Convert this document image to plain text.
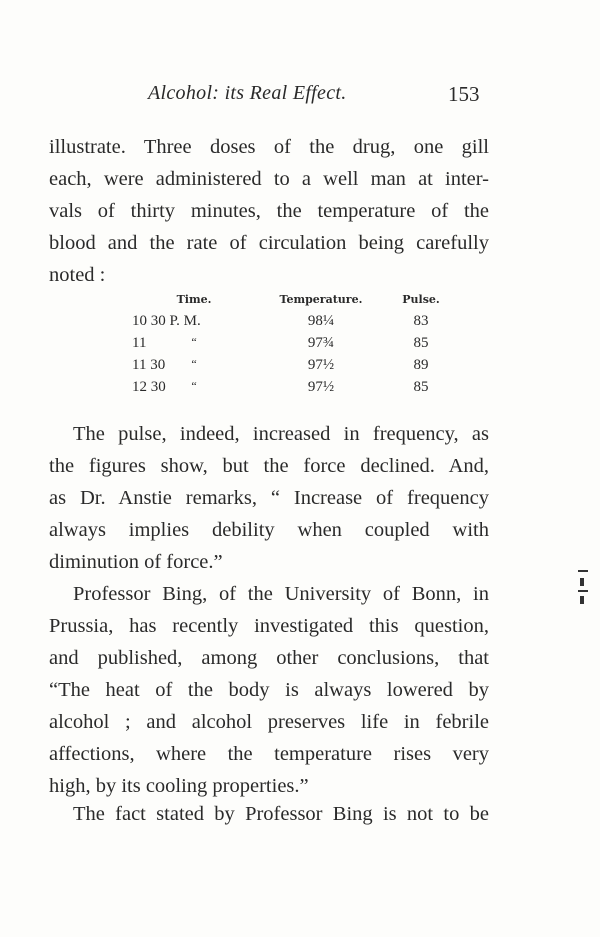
Alcohol: its Real Effect.	153
illustrate. Three doses of the drug, one gill
each, were administered to a well man at inter-
vals of thirty minutes, the temperature of the
blood and the rate of circulation being carefully
noted :
Time.	Temperature.	Pulse.
10 30 P. M.	98¼	83
11 “	97¾	85
11 30 “	97½	89
12 30 “	97½	85
The pulse, indeed, increased in frequency, as
the figures show, but the force declined. And,
as Dr. Anstie remarks, “ Increase of frequency
always implies debility when coupled with
diminution of force.”
Professor Bing, of the University of Bonn, in
Prussia, has recently investigated this question,
and published, among other conclusions, that
“The heat of the body is always lowered by
alcohol ; and alcohol preserves life in febrile
affections, where the temperature rises very
high, by its cooling properties.”
The fact stated by Professor Bing is not to be
